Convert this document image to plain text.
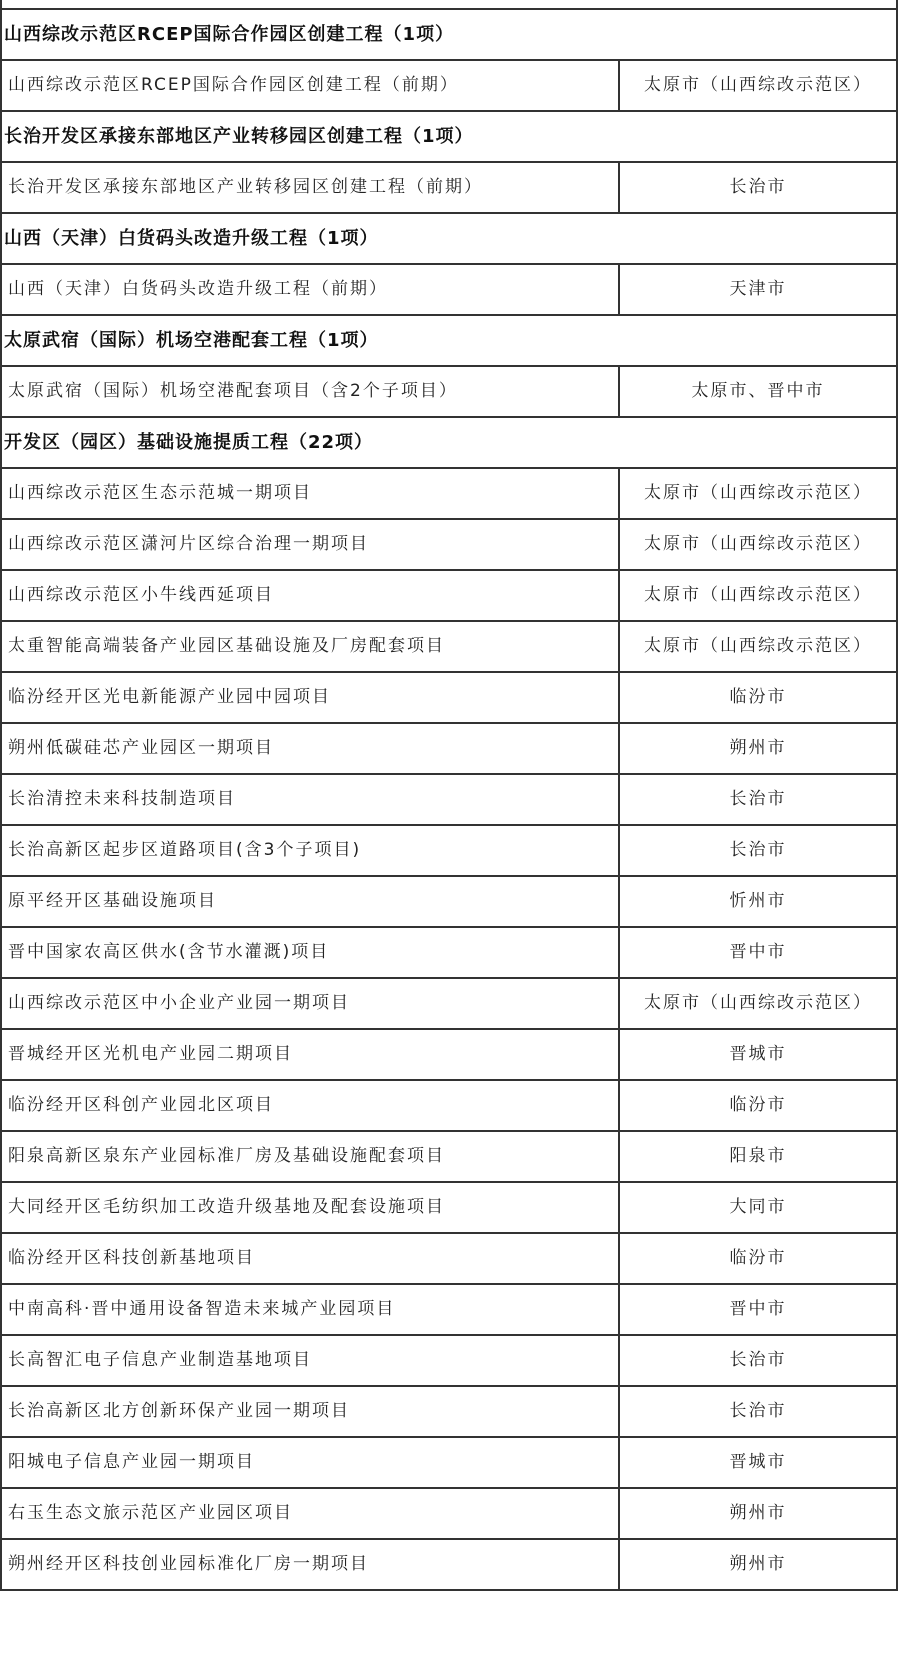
山西综改示范区RCEP国际合作园区创建工程（1项）	
山西综改示范区RCEP国际合作园区创建工程（前期）	太原市（山西综改示范区）
长治开发区承接东部地区产业转移园区创建工程（1项）	
长治开发区承接东部地区产业转移园区创建工程（前期）	长治市
山西（天津）白货码头改造升级工程（1项）	
山西（天津）白货码头改造升级工程（前期）	天津市
太原武宿（国际）机场空港配套工程（1项）	
太原武宿（国际）机场空港配套项目（含2个子项目）	太原市、晋中市
开发区（园区）基础设施提质工程（22项）	
山西综改示范区生态示范城一期项目	太原市（山西综改示范区）
山西综改示范区潇河片区综合治理一期项目	太原市（山西综改示范区）
山西综改示范区小牛线西延项目	太原市（山西综改示范区）
太重智能高端装备产业园区基础设施及厂房配套项目	太原市（山西综改示范区）
临汾经开区光电新能源产业园中园项目	临汾市
朔州低碳硅芯产业园区一期项目	朔州市
长治清控未来科技制造项目	长治市
长治高新区起步区道路项目(含3个子项目)	长治市
原平经开区基础设施项目	忻州市
晋中国家农高区供水(含节水灌溉)项目	晋中市
山西综改示范区中小企业产业园一期项目	太原市（山西综改示范区）
晋城经开区光机电产业园二期项目	晋城市
临汾经开区科创产业园北区项目	临汾市
阳泉高新区泉东产业园标准厂房及基础设施配套项目	阳泉市
大同经开区毛纺织加工改造升级基地及配套设施项目	大同市
临汾经开区科技创新基地项目	临汾市
中南高科·晋中通用设备智造未来城产业园项目	晋中市
长高智汇电子信息产业制造基地项目	长治市
长治高新区北方创新环保产业园一期项目	长治市
阳城电子信息产业园一期项目	晋城市
右玉生态文旅示范区产业园区项目	朔州市
朔州经开区科技创业园标准化厂房一期项目	朔州市
